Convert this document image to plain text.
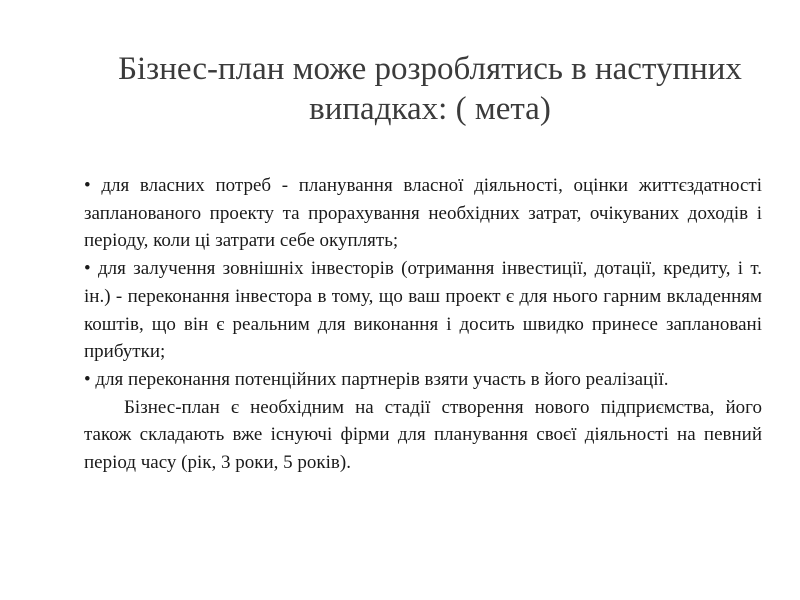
Бізнес-план може розроблятись в наступних
випадках: ( мета)

• для власних потреб - планування власної діяльності, оцінки життєздатності запланованого проекту та прорахування необхідних затрат, очікуваних доходів і періоду, коли ці затрати себе окуплять;

• для залучення зовнішніх інвесторів (отримання інвестиції, дотації, кредиту, і т. ін.) - переконання інвестора в тому, що ваш проект є для нього гарним вкладенням коштів, що він є реальним для виконання і досить швидко принесе заплановані прибутки;

• для переконання потенційних партнерів взяти участь в його реалізації.

Бізнес-план є необхідним на стадії створення нового підприємства, його також складають вже існуючі фірми для планування своєї діяльності на певний період часу (рік, 3 роки, 5 років).
